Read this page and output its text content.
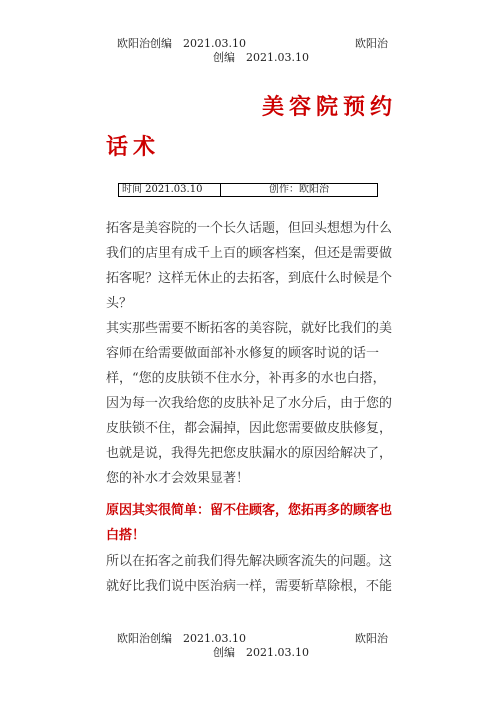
欧阳治创编　2021.03.10	欧阳治
创编　2021.03.10
美容院预约
话术
时间 2021.03.10	创作：欧阳治
拓客是美容院的一个长久话题，但回头想想为什么
我们的店里有成千上百的顾客档案，但还是需要做
拓客呢？这样无休止的去拓客，到底什么时候是个
头？
其实那些需要不断拓客的美容院，就好比我们的美
容师在给需要做面部补水修复的顾客时说的话一
样，“您的皮肤锁不住水分，补再多的水也白搭，
因为每一次我给您的皮肤补足了水分后，由于您的
皮肤锁不住，都会漏掉，因此您需要做皮肤修复，
也就是说，我得先把您皮肤漏水的原因给解决了，
您的补水才会效果显著！
原因其实很简单：留不住顾客，您拓再多的顾客也
白搭！
所以在拓客之前我们得先解决顾客流失的问题。这
就好比我们说中医治病一样，需要斩草除根，不能
欧阳治创编　2021.03.10	欧阳治
创编　2021.03.10
